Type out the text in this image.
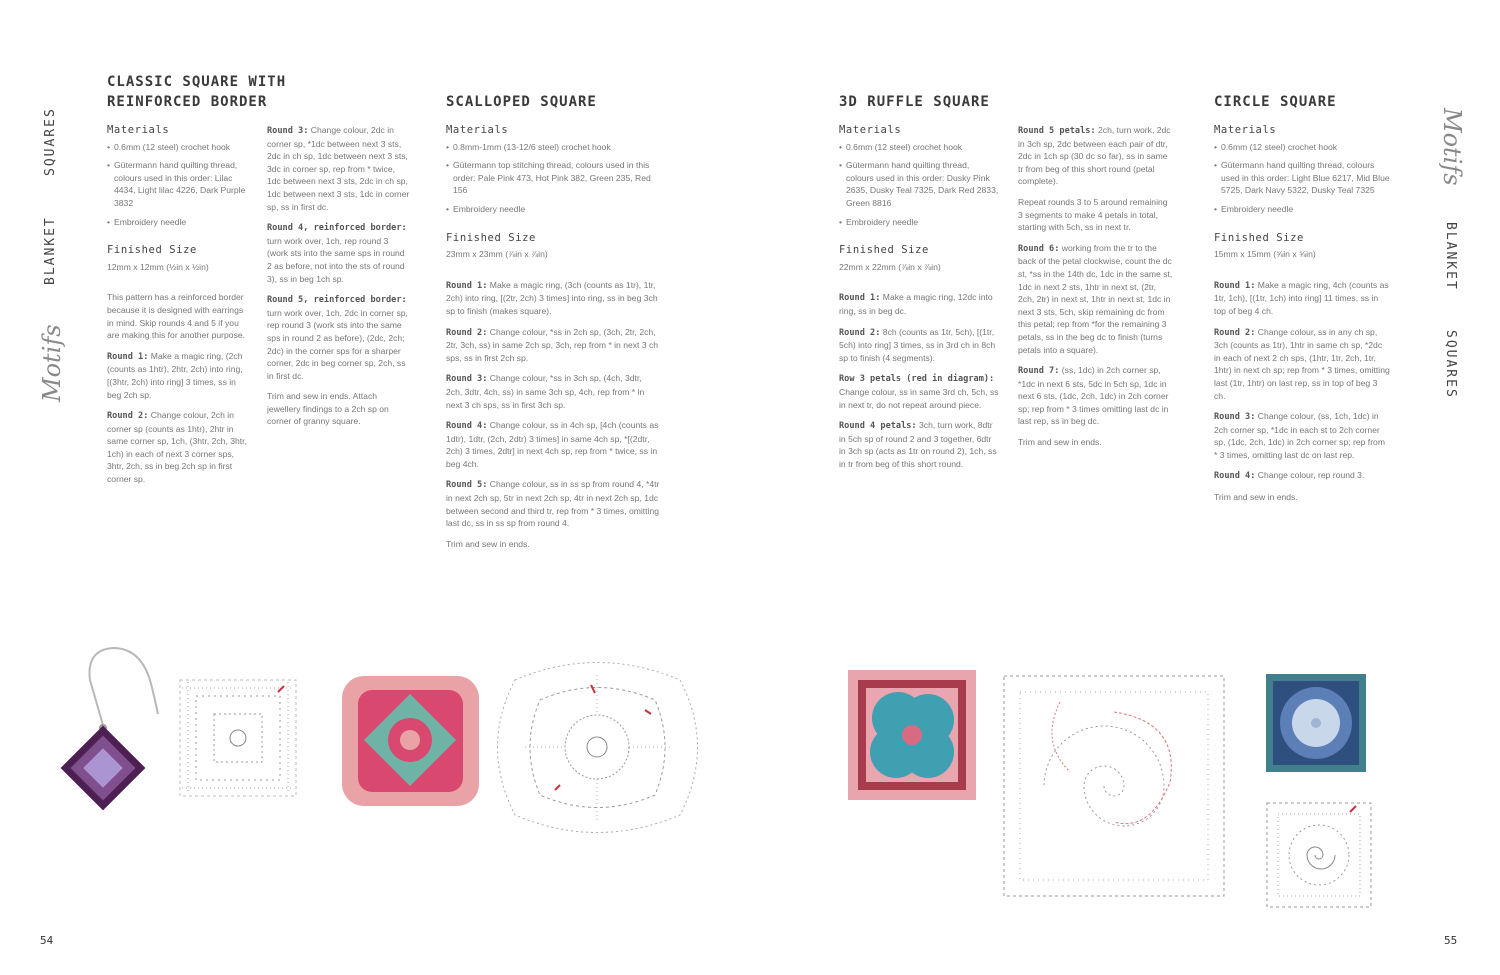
SQUARES
BLANKET
Motifs
Motifs
BLANKET
SQUARES
CLASSIC SQUARE WITH
REINFORCED BORDER

Materials

• 0.6mm (12 steel) crochet hook

• Gütermann hand quilting thread, colours used in this order: Lilac 4434, Light lilac 4226, Dark Purple 3832

• Embroidery needle

Finished Size

12mm x 12mm (½in x ½in)

This pattern has a reinforced border because it is designed with earrings in mind. Skip rounds 4 and 5 if you are making this for another purpose.

Round 1: Make a magic ring, (2ch (counts as 1htr), 2htr, 2ch) into ring, [(3htr, 2ch) into ring] 3 times, ss in beg 2ch sp.

Round 2: Change colour, 2ch in corner sp (counts as 1htr), 2htr in same corner sp, 1ch, (3htr, 2ch, 3htr, 1ch) in each of next 3 corner sps, 3htr, 2ch, ss in beg 2ch sp in first corner sp.

Round 3: Change colour, 2dc in corner sp, *1dc between next 3 sts, 2dc in ch sp, 1dc between next 3 sts, 3dc in corner sp, rep from * twice, 1dc between next 3 sts, 2dc in ch sp, 1dc between next 3 sts, 1dc in corner sp, ss in first dc.

Round 4, reinforced border: turn work over, 1ch, rep round 3 (work sts into the same sps in round 2 as before, not into the sts of round 3), ss in beg 1ch sp.

Round 5, reinforced border: turn work over, 1ch, 2dc in corner sp, rep round 3 (work sts into the same sps in round 2 as before), (2dc, 2ch; 2dc) in the corner sps for a sharper corner, 2dc in beg corner sp, 2ch, ss in first dc.

Trim and sew in ends. Attach jewellery findings to a 2ch sp on corner of granny square.

SCALLOPED SQUARE

Materials

• 0.8mm-1mm (13-12/6 steel) crochet hook

• Gütermann top stitching thread, colours used in this order: Pale Pink 473, Hot Pink 382, Green 235, Red 156

• Embroidery needle

Finished Size

23mm x 23mm (⅞in x ⅞in)

Round 1: Make a magic ring, (3ch (counts as 1tr), 1tr, 2ch) into ring, [(2tr, 2ch) 3 times] into ring, ss in beg 3ch sp to finish (makes square).

Round 2: Change colour, *ss in 2ch sp, (3ch, 2tr, 2ch, 2tr, 3ch, ss) in same 2ch sp, 3ch, rep from * in next 3 ch sps, ss in first 2ch sp.

Round 3: Change colour, *ss in 3ch sp, (4ch, 3dtr, 2ch, 3dtr, 4ch, ss) in same 3ch sp, 4ch, rep from * in next 3 ch sps, ss in first 3ch sp.

Round 4: Change colour, ss in 4ch sp, [4ch (counts as 1dtr), 1dtr, (2ch, 2dtr) 3 times] in same 4ch sp, *[(2dtr, 2ch) 3 times, 2dtr] in next 4ch sp, rep from * twice, ss in beg 4ch.

Round 5: Change colour, ss in ss sp from round 4, *4tr in next 2ch sp, 5tr in next 2ch sp, 4tr in next 2ch sp, 1dc between second and third tr, rep from * 3 times, omitting last dc, ss in ss sp from round 4.

Trim and sew in ends.

3D RUFFLE SQUARE

Materials

• 0.6mm (12 steel) crochet hook

• Gütermann hand quilting thread, colours used in this order: Dusky Pink 2635, Dusky Teal 7325, Dark Red 2833, Green 8816

• Embroidery needle

Finished Size

22mm x 22mm (⅞in x ⅞in)

Round 1: Make a magic ring, 12dc into ring, ss in beg dc.

Round 2: 8ch (counts as 1tr, 5ch), [(1tr, 5ch) into ring] 3 times, ss in 3rd ch in 8ch sp to finish (4 segments).

Row 3 petals (red in diagram): Change colour, ss in same 3rd ch, 5ch, ss in next tr, do not repeat around piece.

Round 4 petals: 3ch, turn work, 8dtr in 5ch sp of round 2 and 3 together, 6dtr in 3ch sp (acts as 1tr on round 2), 1ch, ss in tr from beg of this short round.

Round 5 petals: 2ch, turn work, 2dc in 3ch sp, 2dc between each pair of dtr, 2dc in 1ch sp (30 dc so far), ss in same tr from beg of this short round (petal complete).

Repeat rounds 3 to 5 around remaining 3 segments to make 4 petals in total, starting with 5ch, ss in next tr.

Round 6: working from the tr to the back of the petal clockwise, count the dc st, *ss in the 14th dc, 1dc in the same st, 1dc in next 2 sts, 1htr in next st, (2tr, 2ch, 2tr) in next st, 1htr in next st, 1dc in next 3 sts, 5ch, skip remaining dc from this petal; rep from *for the remaining 3 petals, ss in the beg dc to finish (turns petals into a square).

Round 7: (ss, 1dc) in 2ch corner sp, *1dc in next 6 sts, 5dc in 5ch sp, 1dc in next 6 sts, (1dc, 2ch, 1dc) in 2ch corner sp; rep from * 3 times omitting last dc in last rep, ss in beg dc.

Trim and sew in ends.

CIRCLE SQUARE

Materials

• 0.6mm (12 steel) crochet hook

• Gütermann hand quilting thread, colours used in this order: Light Blue 6217, Mid Blue 5725, Dark Navy 5322, Dusky Teal 7325

• Embroidery needle

Finished Size

15mm x 15mm (⅝in x ⅝in)

Round 1: Make a magic ring, 4ch (counts as 1tr, 1ch), [(1tr, 1ch) into ring] 11 times, ss in top of beg 4 ch.

Round 2: Change colour, ss in any ch sp, 3ch (counts as 1tr), 1htr in same ch sp, *2dc in each of next 2 ch sps, (1htr, 1tr, 2ch, 1tr, 1htr) in next ch sp; rep from * 3 times, omitting last (1tr, 1htr) on last rep, ss in top of beg 3 ch.

Round 3: Change colour, (ss, 1ch, 1dc) in 2ch corner sp, *1dc in each st to 2ch corner sp, (1dc, 2ch, 1dc) in 2ch corner sp; rep from * 3 times, omitting last dc on last rep.

Round 4: Change colour, rep round 3.

Trim and sew in ends.

54	55
